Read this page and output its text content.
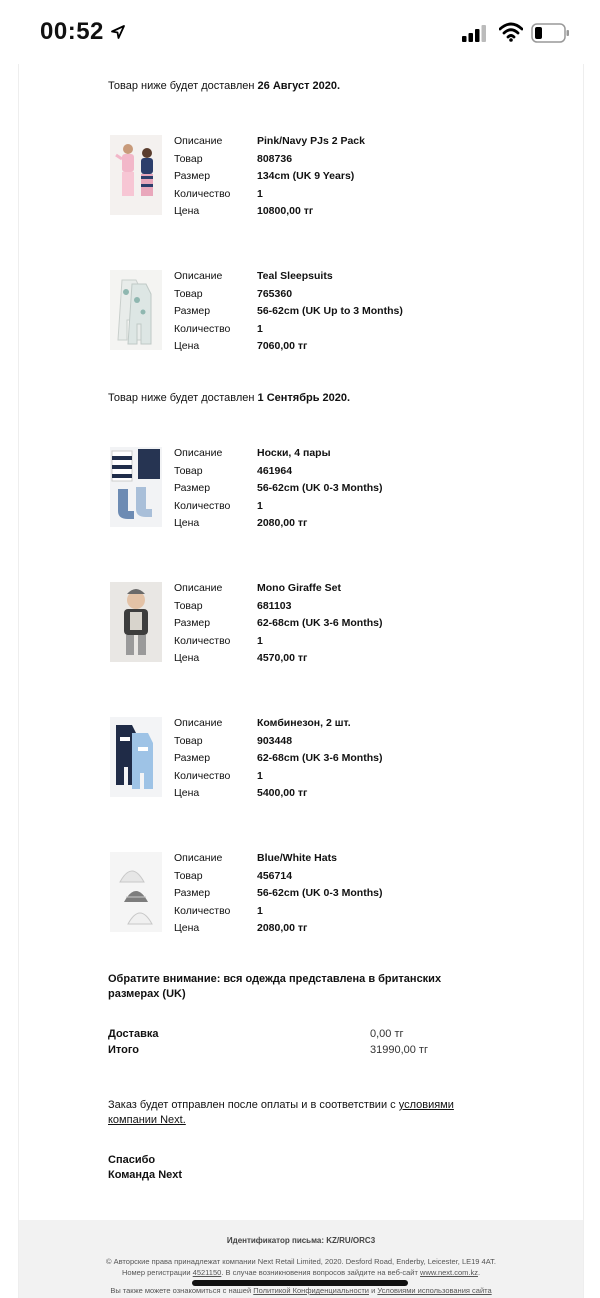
00:52
Товар ниже будет доставлен 26 Август 2020.
Описание	Pink/Navy PJs 2 Pack
Товар	808736
Размер	134cm (UK 9 Years)
Количество	1
Цена	10800,00 тг
Описание	Teal Sleepsuits
Товар	765360
Размер	56-62cm (UK Up to 3 Months)
Количество	1
Цена	7060,00 тг
Товар ниже будет доставлен 1 Сентябрь 2020.
Описание	Носки, 4 пары
Товар	461964
Размер	56-62cm (UK 0-3 Months)
Количество	1
Цена	2080,00 тг
Описание	Mono Giraffe Set
Товар	681103
Размер	62-68cm (UK 3-6 Months)
Количество	1
Цена	4570,00 тг
Описание	Комбинезон, 2 шт.
Товар	903448
Размер	62-68cm (UK 3-6 Months)
Количество	1
Цена	5400,00 тг
Описание	Blue/White Hats
Товар	456714
Размер	56-62cm (UK 0-3 Months)
Количество	1
Цена	2080,00 тг
Обратите внимание: вся одежда представлена в британских размерах (UK)
Доставка	0,00 тг
Итого	31990,00 тг
Заказ будет отправлен после оплаты и в соответствии с условиями компании Next.
Спасибо
Команда Next
Идентификатор письма: KZ/RU/ORC3
© Авторские права принадлежат компании Next Retail Limited, 2020. Desford Road, Enderby, Leicester, LE19 4AT.
Номер регистрации 4521150. В случае возникновения вопросов зайдите на веб-сайт www.next.com.kz.
Вы также можете ознакомиться с нашей Политикой Конфиденциальности и Условиями использования сайта
